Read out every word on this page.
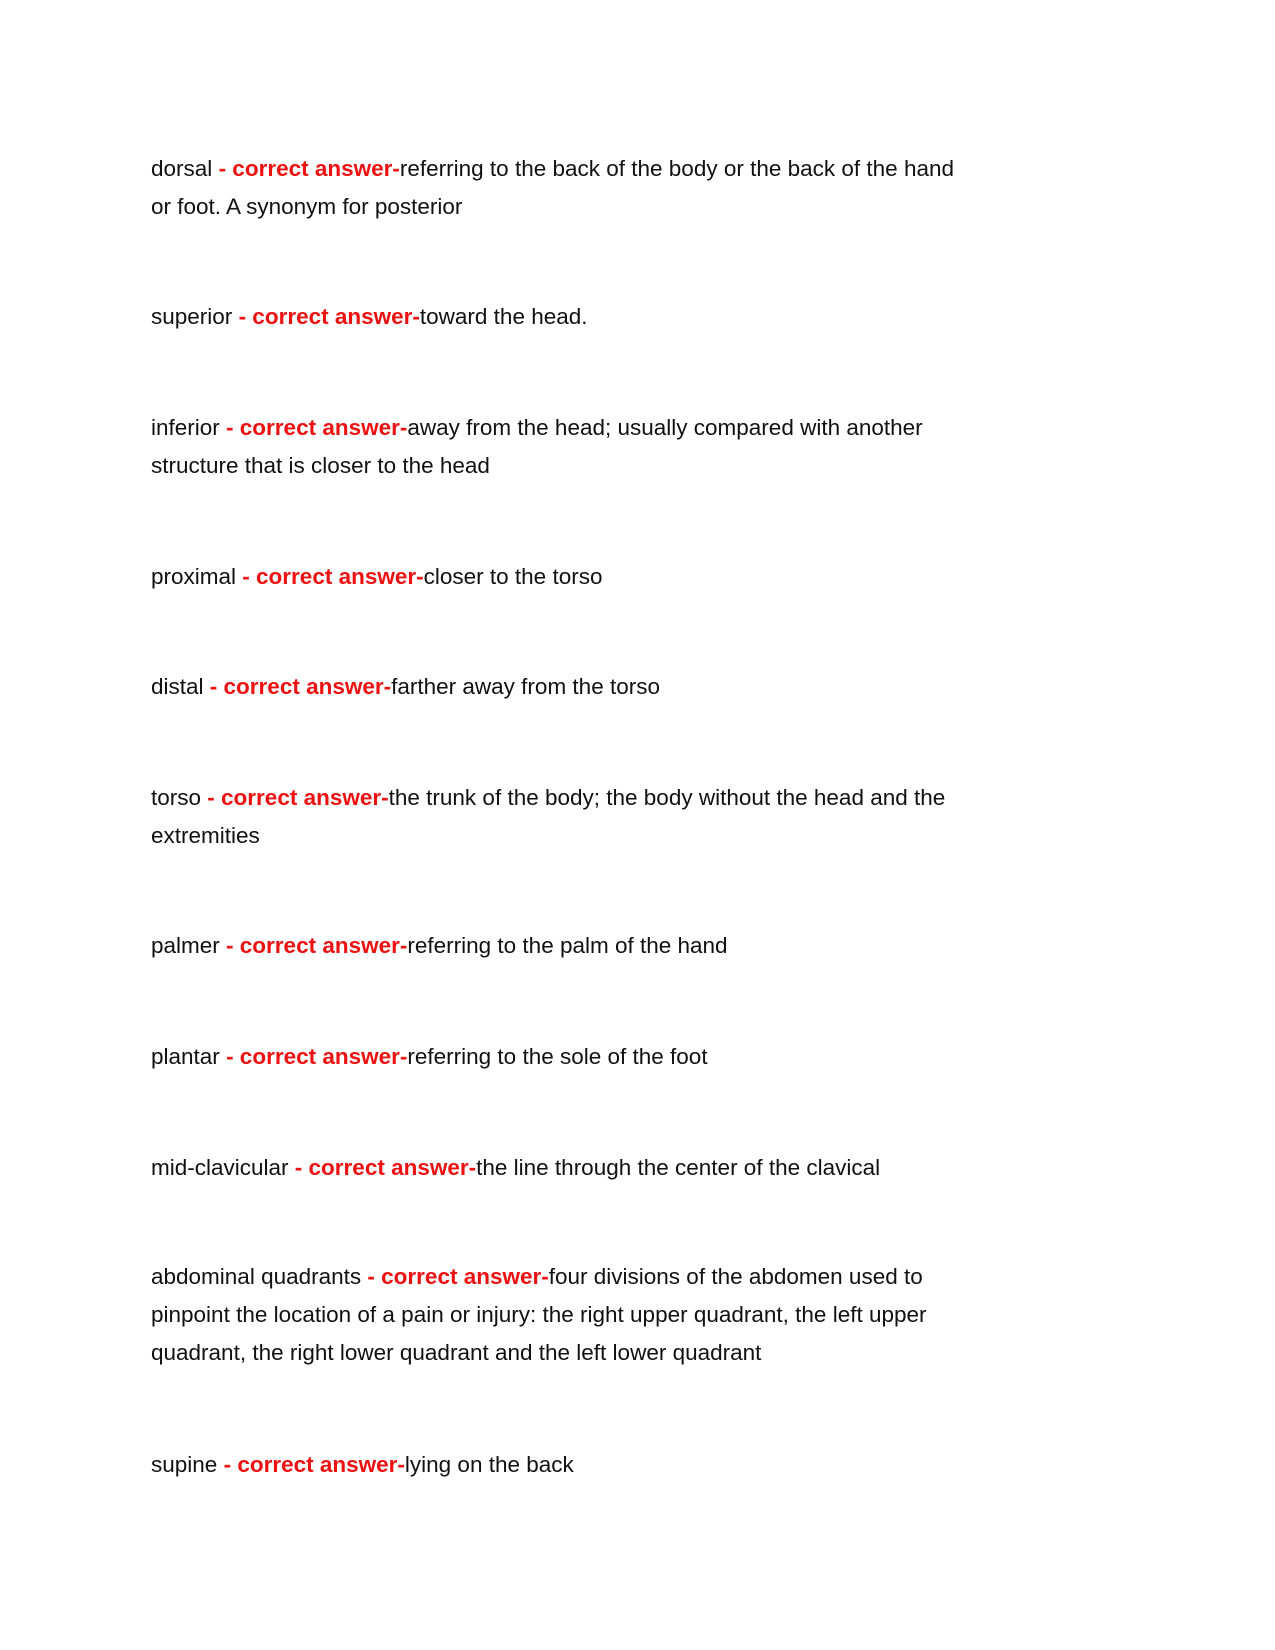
dorsal - correct answer-referring to the back of the body or the back of the hand
or foot. A synonym for posterior
superior - correct answer-toward the head.
inferior - correct answer-away from the head; usually compared with another
structure that is closer to the head
proximal - correct answer-closer to the torso
distal - correct answer-farther away from the torso
torso - correct answer-the trunk of the body; the body without the head and the
extremities
palmer - correct answer-referring to the palm of the hand
plantar - correct answer-referring to the sole of the foot
mid-clavicular - correct answer-the line through the center of the clavical
abdominal quadrants - correct answer-four divisions of the abdomen used to
pinpoint the location of a pain or injury: the right upper quadrant, the left upper
quadrant, the right lower quadrant and the left lower quadrant
supine - correct answer-lying on the back
